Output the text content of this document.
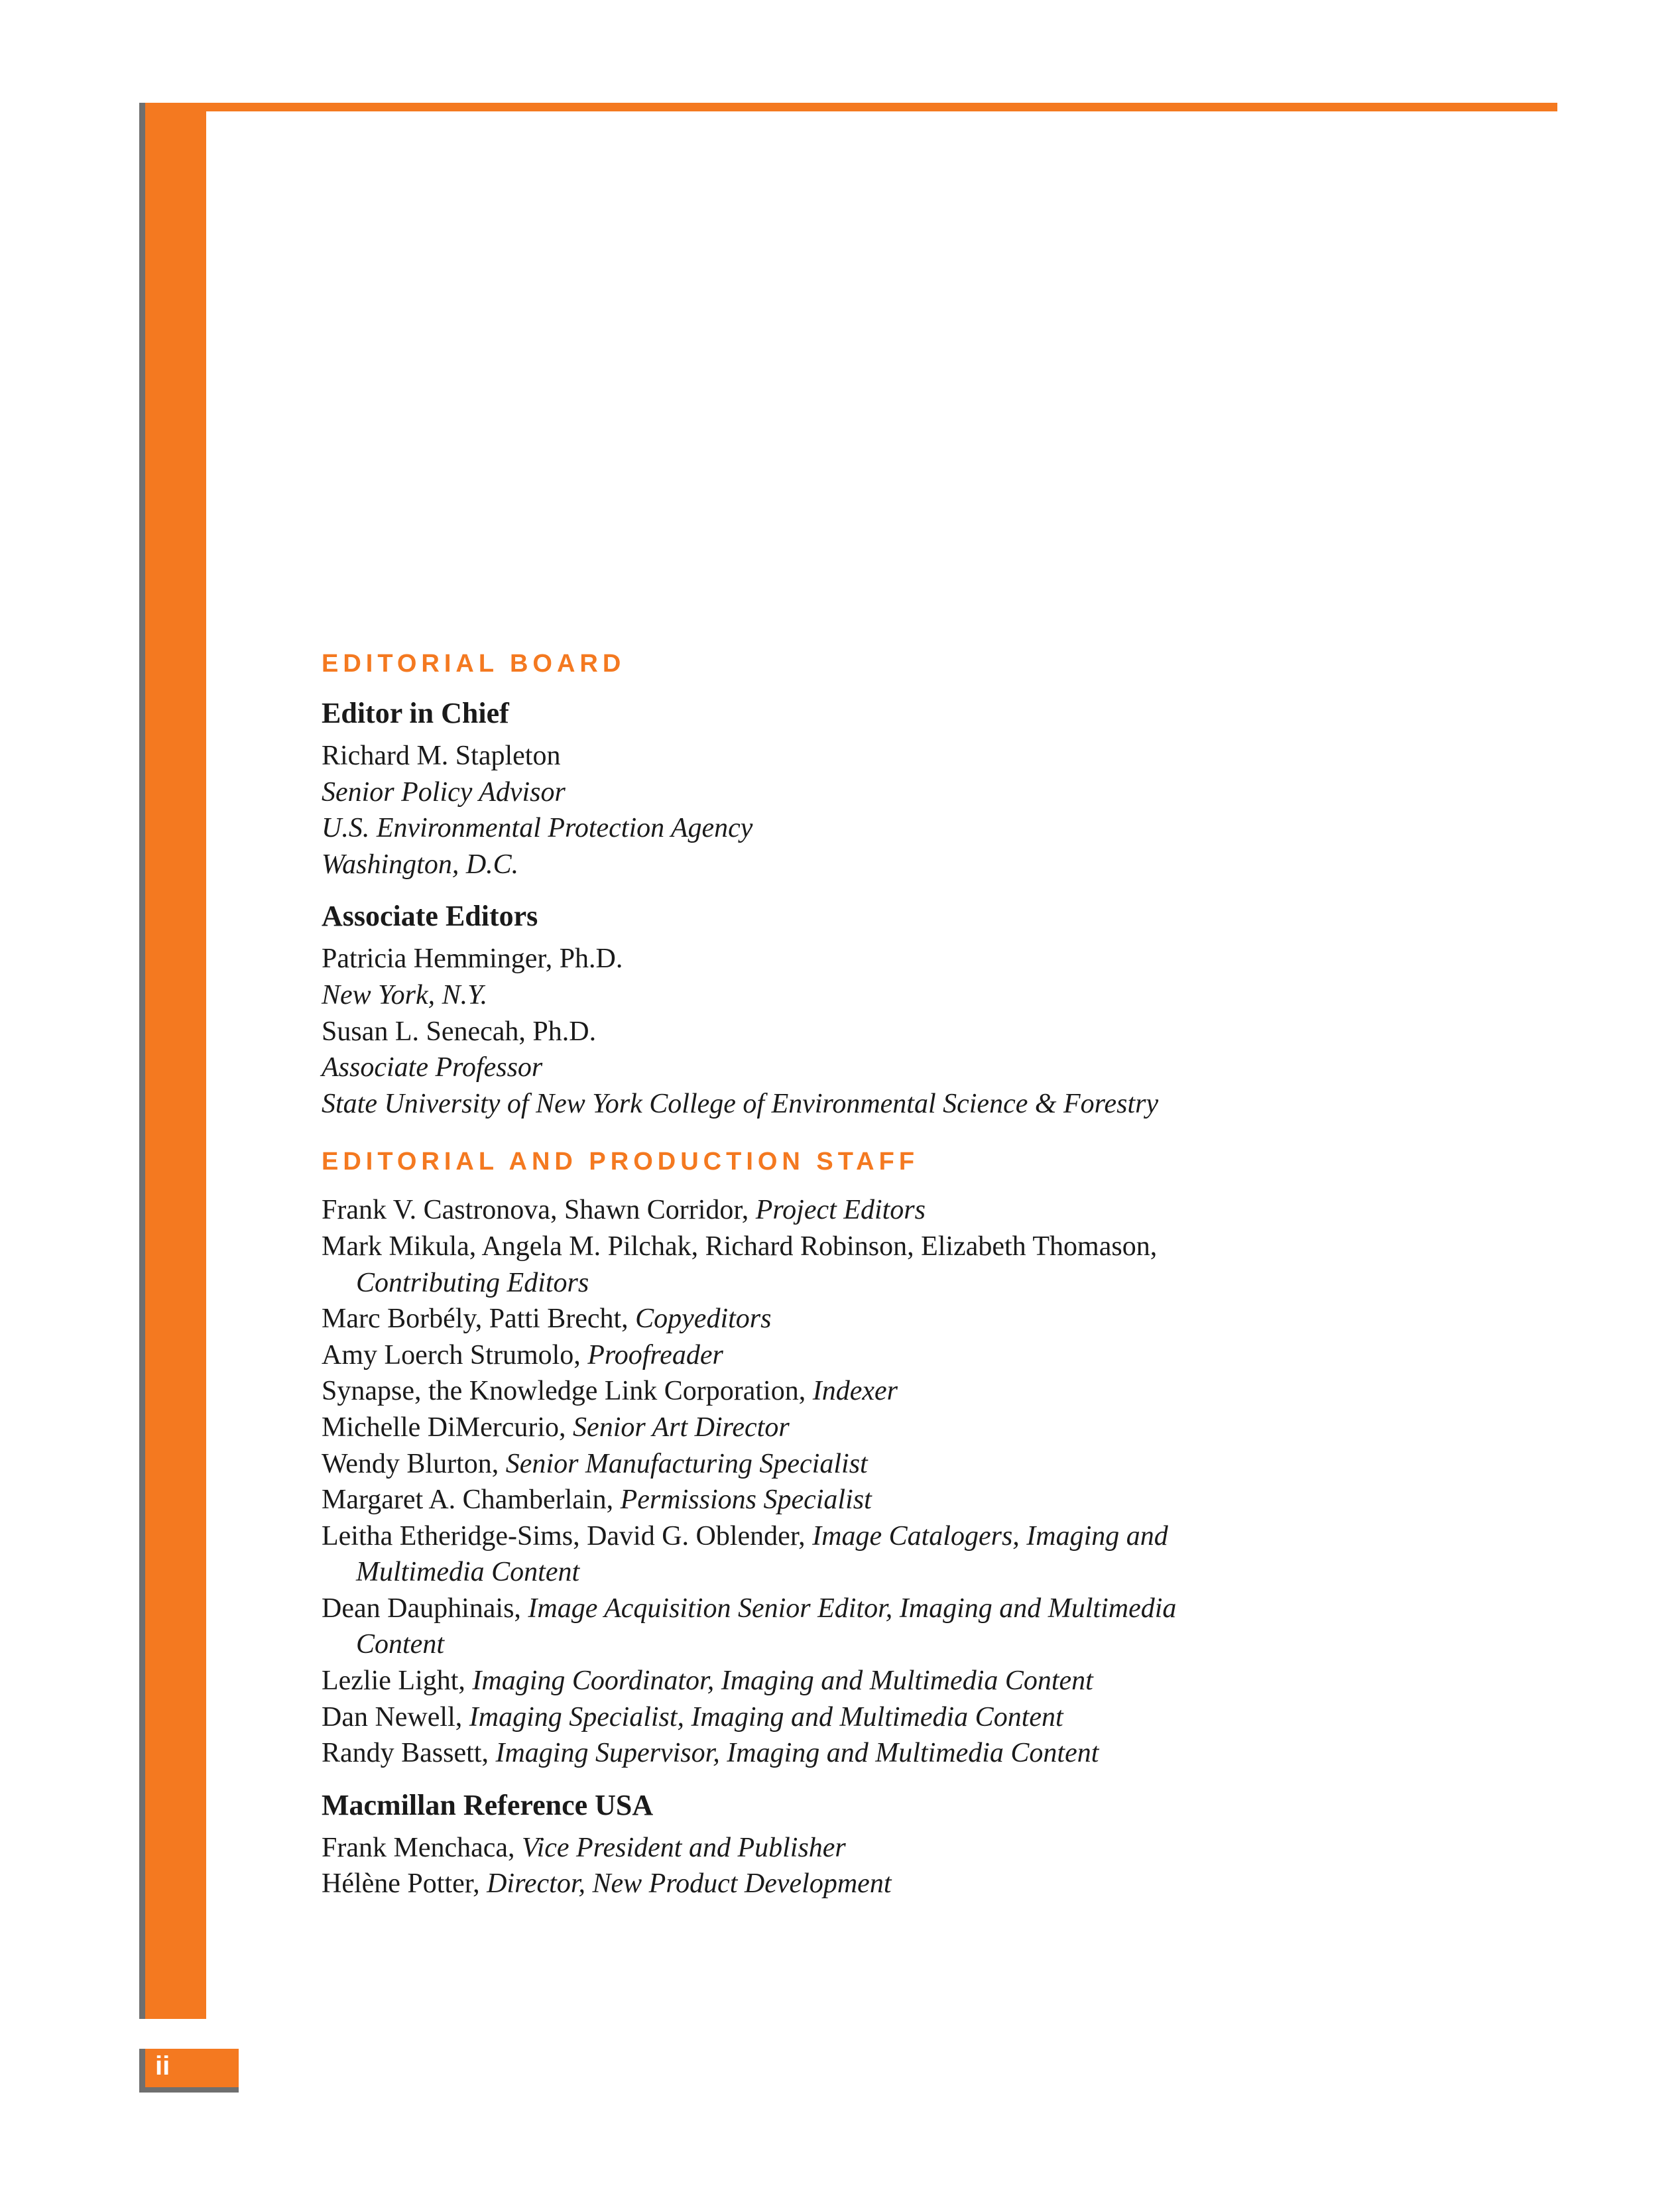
ii
EDITORIAL BOARD
Editor in Chief

Richard M. Stapleton

Senior Policy Advisor

U.S. Environmental Protection Agency

Washington, D.C.

Associate Editors

Patricia Hemminger, Ph.D.

New York, N.Y.

Susan L. Senecah, Ph.D.

Associate Professor

State University of New York College of Environmental Science & Forestry

EDITORIAL AND PRODUCTION STAFF

Frank V. Castronova, Shawn Corridor, Project Editors

Mark Mikula, Angela M. Pilchak, Richard Robinson, Elizabeth Thomason,

Contributing Editors

Marc Borbély, Patti Brecht, Copyeditors

Amy Loerch Strumolo, Proofreader

Synapse, the Knowledge Link Corporation, Indexer

Michelle DiMercurio, Senior Art Director

Wendy Blurton, Senior Manufacturing Specialist

Margaret A. Chamberlain, Permissions Specialist

Leitha Etheridge-Sims, David G. Oblender, Image Catalogers, Imaging and

Multimedia Content

Dean Dauphinais, Image Acquisition Senior Editor, Imaging and Multimedia

Content

Lezlie Light, Imaging Coordinator, Imaging and Multimedia Content

Dan Newell, Imaging Specialist, Imaging and Multimedia Content

Randy Bassett, Imaging Supervisor, Imaging and Multimedia Content

Macmillan Reference USA

Frank Menchaca, Vice President and Publisher

Hélène Potter, Director, New Product Development
